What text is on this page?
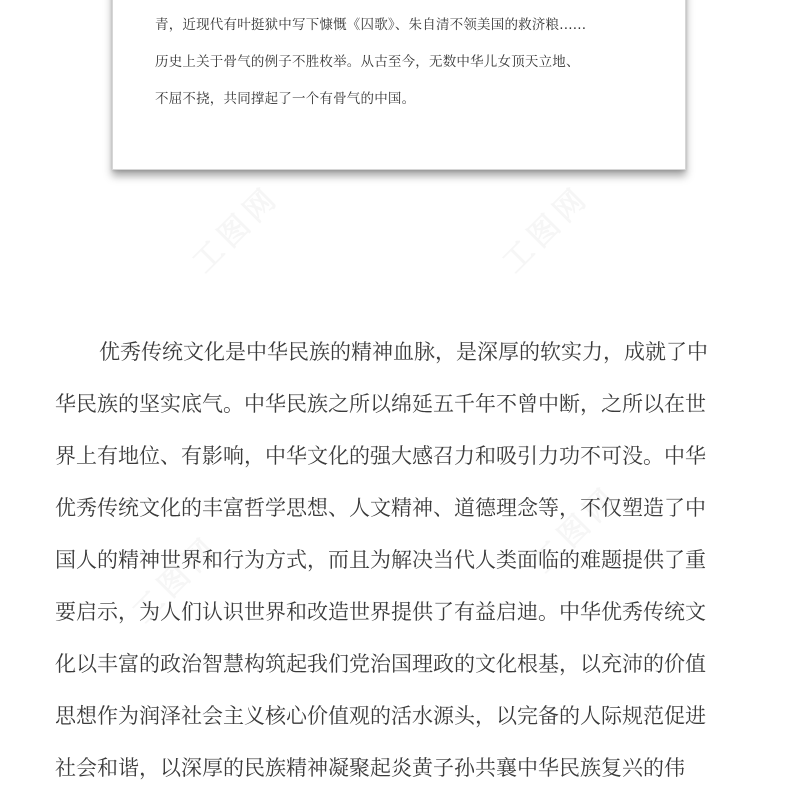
青，近现代有叶挺狱中写下慷慨《囚歌》、朱自清不领美国的救济粮......
历史上关于骨气的例子不胜枚举。从古至今，无数中华儿女顶天立地、
不屈不挠，共同撑起了一个有骨气的中国。
优秀传统文化是中华民族的精神血脉，是深厚的软实力，成就了中
华民族的坚实底气。中华民族之所以绵延五千年不曾中断，之所以在世
界上有地位、有影响，中华文化的强大感召力和吸引力功不可没。中华
优秀传统文化的丰富哲学思想、人文精神、道德理念等，不仅塑造了中
国人的精神世界和行为方式，而且为解决当代人类面临的难题提供了重
要启示，为人们认识世界和改造世界提供了有益启迪。中华优秀传统文
化以丰富的政治智慧构筑起我们党治国理政的文化根基，以充沛的价值
思想作为润泽社会主义核心价值观的活水源头，以完备的人际规范促进
社会和谐，以深厚的民族精神凝聚起炎黄子孙共襄中华民族复兴的伟
